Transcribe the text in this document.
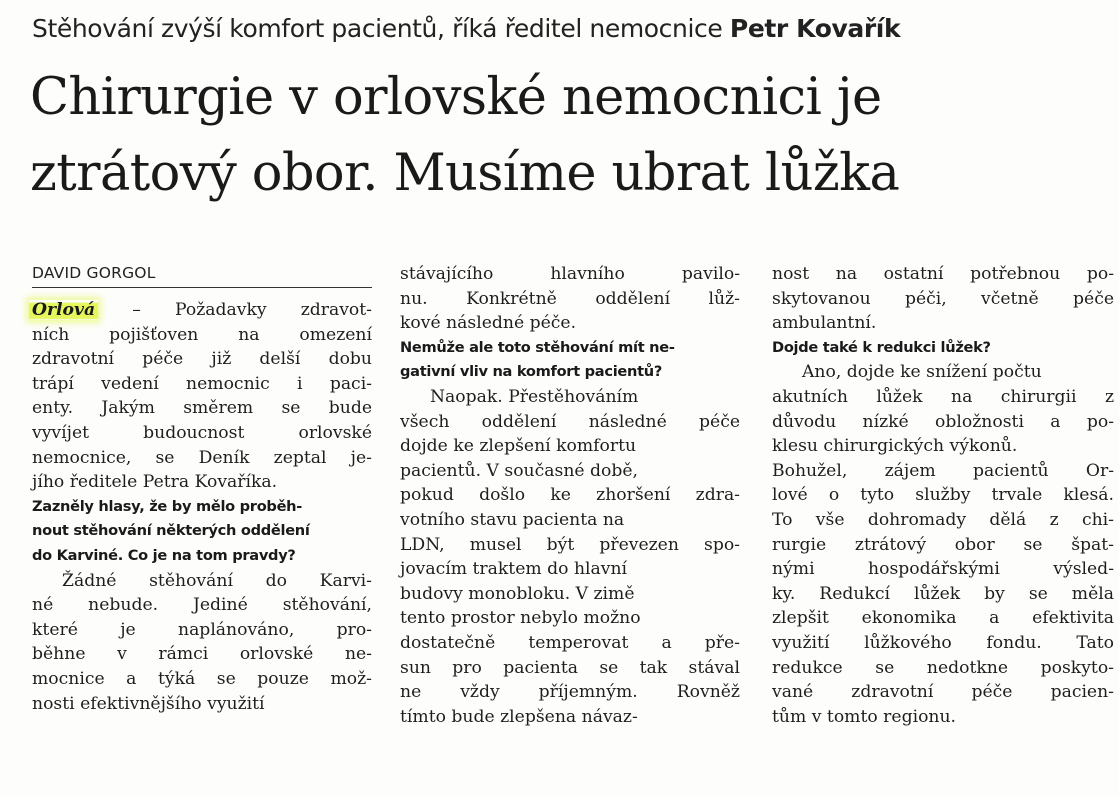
Stěhování zvýší komfort pacientů, říká ředitel nemocnice Petr Kovařík
Chirurgie v orlovské nemocnici je
ztrátový obor. Musíme ubrat lůžka
DAVID GORGOL
Orlová – Požadavky zdravot-
ních pojišťoven na omezení
zdravotní péče již delší dobu
trápí vedení nemocnic i paci-
enty. Jakým směrem se bude
vyvíjet budoucnost orlovské
nemocnice, se Deník zeptal je-
jího ředitele Petra Kovaříka.
Zazněly hlasy, že by mělo proběh-
nout stěhování některých oddělení
do Karviné. Co je na tom pravdy?
Žádné stěhování do Karvi-
né nebude. Jediné stěhování,
které je naplánováno, pro-
běhne v rámci orlovské ne-
mocnice a týká se pouze mož-
nosti efektivnějšího využití
stávajícího hlavního pavilo-
nu. Konkrétně oddělení lůž-
kové následné péče.
Nemůže ale toto stěhování mít ne-
gativní vliv na komfort pacientů?
Naopak. Přestěhováním
všech oddělení následné péče
dojde ke zlepšení komfortu
pacientů. V současné době,
pokud došlo ke zhoršení zdra-
votního stavu pacienta na
LDN, musel být převezen spo-
jovacím traktem do hlavní
budovy monobloku. V zimě
tento prostor nebylo možno
dostatečně temperovat a pře-
sun pro pacienta se tak stával
ne vždy příjemným. Rovněž
tímto bude zlepšena návaz-
nost na ostatní potřebnou po-
skytovanou péči, včetně péče
ambulantní.
Dojde také k redukci lůžek?
Ano, dojde ke snížení počtu
akutních lůžek na chirurgii z
důvodu nízké obložnosti a po-
klesu chirurgických výkonů.
Bohužel, zájem pacientů Or-
lové o tyto služby trvale klesá.
To vše dohromady dělá z chi-
rurgie ztrátový obor se špat-
nými hospodářskými výsled-
ky. Redukcí lůžek by se měla
zlepšit ekonomika a efektivita
využití lůžkového fondu. Tato
redukce se nedotkne poskyto-
vané zdravotní péče pacien-
tům v tomto regionu.
